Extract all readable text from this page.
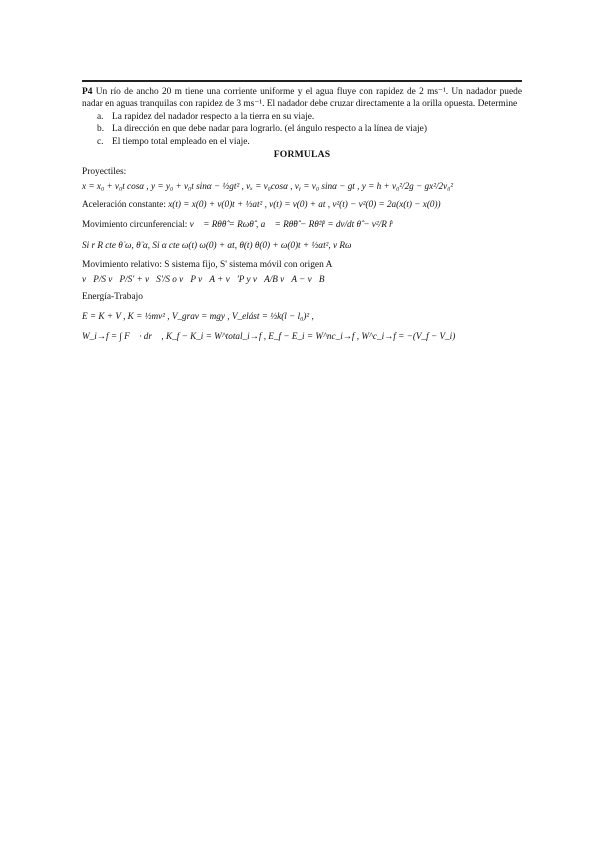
P4 Un río de ancho 20 m tiene una corriente uniforme y el agua fluye con rapidez de 2 ms⁻¹. Un nadador puede nadar en aguas tranquilas con rapidez de 3 ms⁻¹. El nadador debe cruzar directamente a la orilla opuesta. Determine

a. La rapidez del nadador respecto a la tierra en su viaje.
b. La dirección en que debe nadar para lograrlo. (el ángulo respecto a la línea de viaje)
c. El tiempo total empleado en el viaje.
FORMULAS
Proyectiles:
x = x₀ + v₀t cosα , y = y₀ + v₀t sinα − ½gt² , vₓ = v₀cosα , vᵧ = v₀ sinα − gt , y = h + v₀²/2g − gx²/2v₀²
Aceleración constante: x(t) = x(0) + v(0)t + ½at² , v(t) = v(0) + at , v²(t) − v²(0) = 2a(x(t) − x(0))
Movimiento circunferencial: v⃗ = Rθ̇θ̂ = Rωθ̂ , a⃗ = Rθ̈θ̂ − Rθ̇²r̂ = dv/dt θ̂ − v²/R r̂
Si r R cte θ̇ ω, θ̈ α, Si α cte ω(t) ω(0) + αt, θ(t) θ(0) + ω(0)t + ½αt², v Rω
Movimiento relativo: S sistema fijo, S' sistema móvil con origen A
v⃗P/S v⃗P/S' + v⃗S'/S o v⃗P v⃗A + v⃗'P y v⃗A/B v⃗A − v⃗B
Energía-Trabajo
E = K + V , K = ½mv² , V_grav = mgy , V_elást = ½k(l − l₀)² ,
W_i→f = ∫ F⃗ · dr⃗ , K_f − K_i = W^total_i→f , E_f − E_i = W^nc_i→f , W^c_i→f = −(V_f − V_i)
